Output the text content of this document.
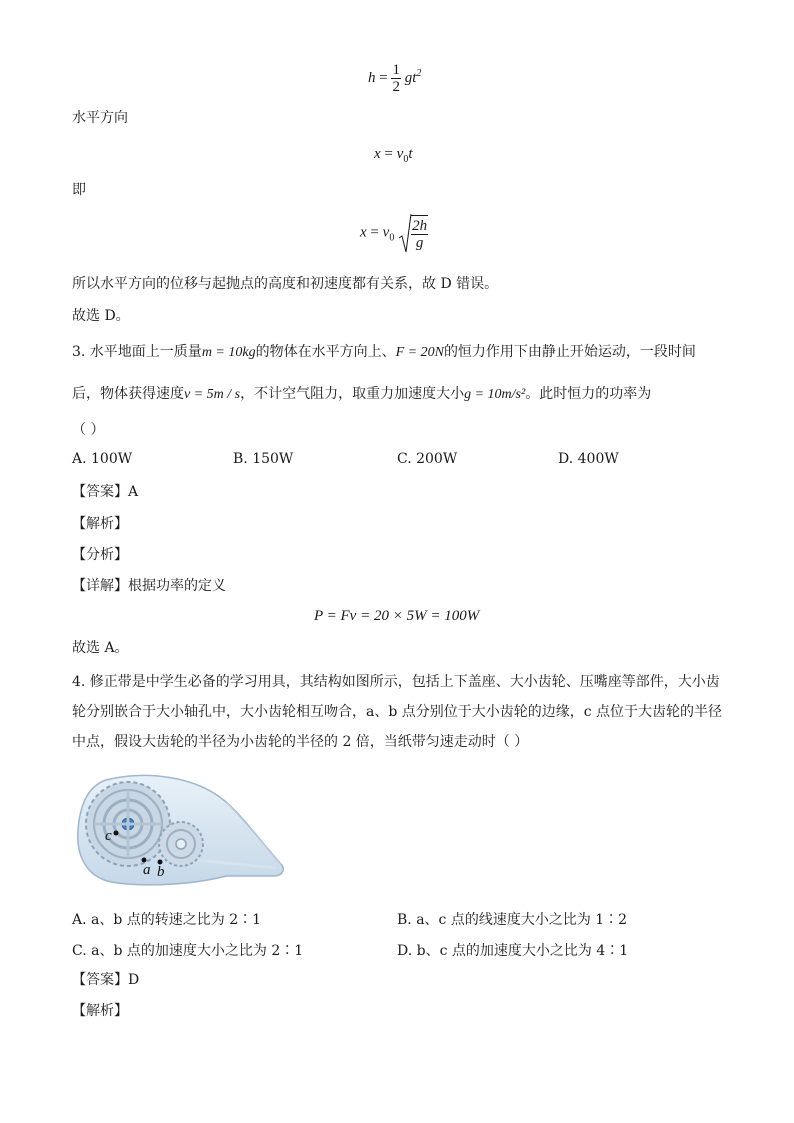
$h = \frac{1}{2} gt^2$
水平方向
$x = v_0t$
即
$x = v_0 \frac{2h}{g}$
所以水平方向的位移与起抛点的高度和初速度都有关系，故 D 错误。
故选 D。
3. 水平地面上一质量m = 10kg的物体在水平方向上、F = 20N的恒力作用下由静止开始运动，一段时间
后，物体获得速度v = 5m / s，不计空气阻力，取重力加速度大小g = 10m/s²。此时恒力的功率为
（ ）
A. 100W	B. 150W	C. 200W	D. 400W
【答案】A
【解析】
【分析】
【详解】根据功率的定义
P = Fv = 20 × 5W = 100W
故选 A。
4. 修正带是中学生必备的学习用具，其结构如图所示，包括上下盖座、大小齿轮、压嘴座等部件，大小齿
轮分别嵌合于大小轴孔中，大小齿轮相互吻合，a、b 点分别位于大小齿轮的边缘，c 点位于大齿轮的半径
中点，假设大齿轮的半径为小齿轮的半径的 2 倍，当纸带匀速走动时（ ）
c
a b
A. a、b 点的转速之比为 2∶1	B. a、c 点的线速度大小之比为 1∶2
C. a、b 点的加速度大小之比为 2∶1	D. b、c 点的加速度大小之比为 4∶1
【答案】D
【解析】
